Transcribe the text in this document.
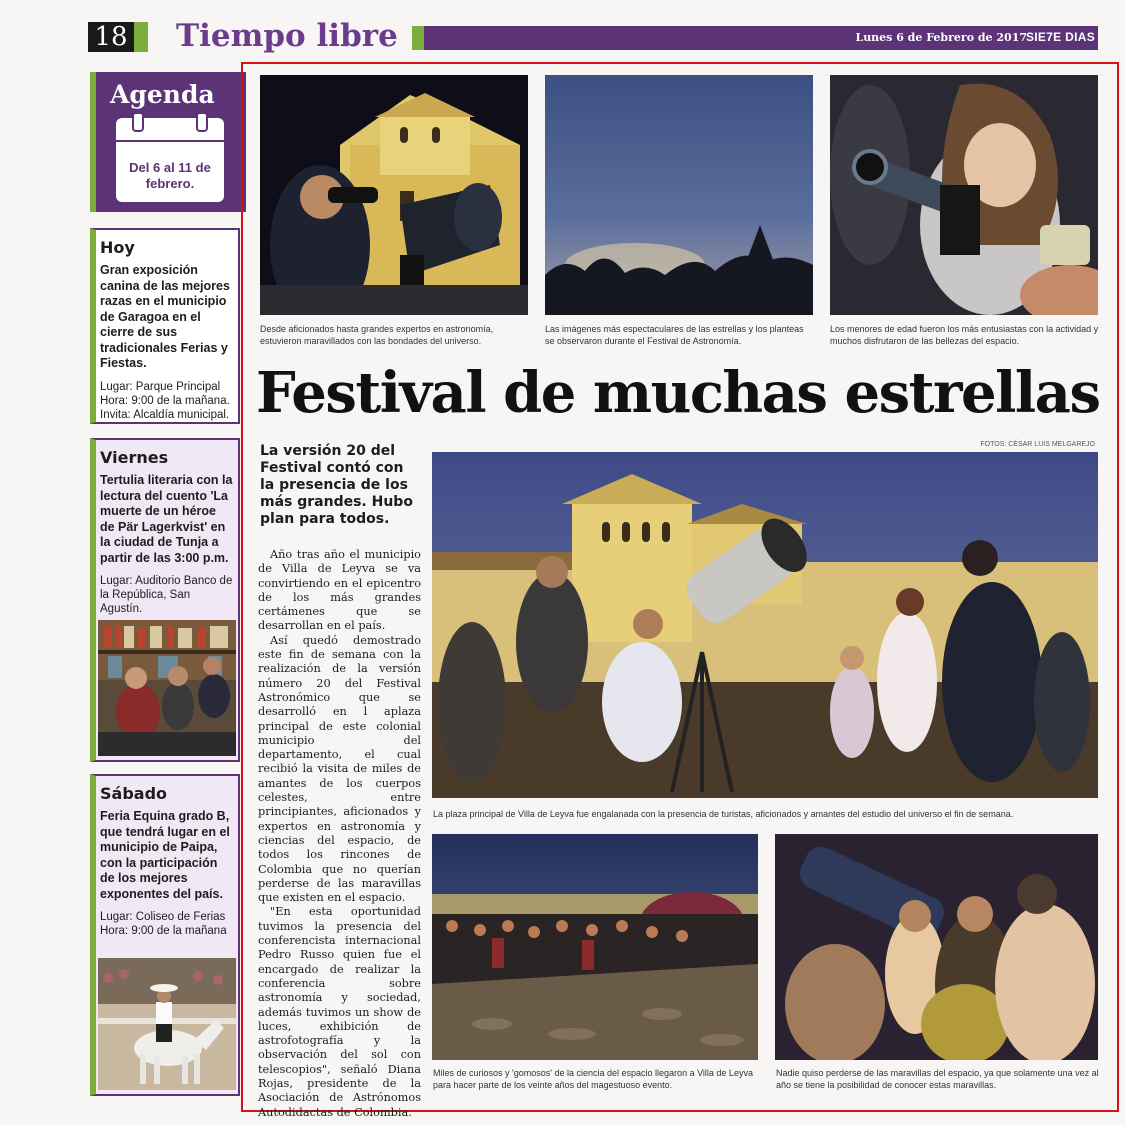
18 Tiempo libre	Lunes 6 de Febrero de 2017
SIE7E DIAS
Agenda
Del 6 al 11 de febrero.
Hoy
Gran exposición canina de las mejores razas en el municipio de Garagoa en el cierre de sus tradicionales Ferias y Fiestas.
Lugar: Parque Principal
Hora: 9:00 de la mañana.
Invita: Alcaldía municipal.
Viernes
Tertulia literaria con la lectura del cuento 'La muerte de un héroe de Pär Lagerkvist' en la ciudad de Tunja a partir de las 3:00 p.m.
Lugar: Auditorio Banco de la República, San Agustín.
Sábado
Feria Equina grado B, que tendrá lugar en el municipio de Paipa, con la participación de los mejores exponentes del país.
Lugar: Coliseo de Ferias
Hora: 9:00 de la mañana
Desde aficionados hasta grandes expertos en astronomía, estuvieron maravillados con las bondades del universo.
Las imágenes más espectaculares de las estrellas y los planteas se observaron durante el Festival de Astronomía.
Los menores de edad fueron los más entusiastas con la actividad y muchos disfrutaron de las bellezas del espacio.
Festival de muchas estrellas
FOTOS: CÉSAR LUIS MELGAREJO
La versión 20 del Festival contó con la presencia de los más grandes. Hubo plan para todos.

Año tras año el municipio de Villa de Leyva se va convirtiendo en el epicentro de los más grandes certámenes que se desarrollan en el país.

Así quedó demostrado este fin de semana con la realización de la versión número 20 del Festival Astronómico que se desarrolló en l aplaza principal de este colonial municipio del departamento, el cual recibió la visita de miles de amantes de los cuerpos celestes, entre principiantes, aficionados y expertos en astronomía y ciencias del espacio, de todos los rincones de Colombia que no querían perderse de las maravillas que existen en el espacio.

"En esta oportunidad tuvimos la presencia del conferencista internacional Pedro Russo quien fue el encargado de realizar la conferencia sobre astronomía y sociedad, además tuvimos un show de luces, exhibición de astrofotografía y la observación del sol con telescopios", señaló Diana Rojas, presidente de la Asociación de Astrónomos Autodidactas de Colombia.

La plaza principal de Villa de Leyva fue engalanada con la presencia de turistas, aficionados y amantes del estudio del universo el fin de semana.
Miles de curiosos y 'gomosos' de la ciencia del espacio llegaron a Villa de Leyva para hacer parte de los veinte años del magestuoso evento.
Nadie quiso perderse de las maravillas del espacio, ya que solamente una vez al año se tiene la posibilidad de conocer estas maravillas.
